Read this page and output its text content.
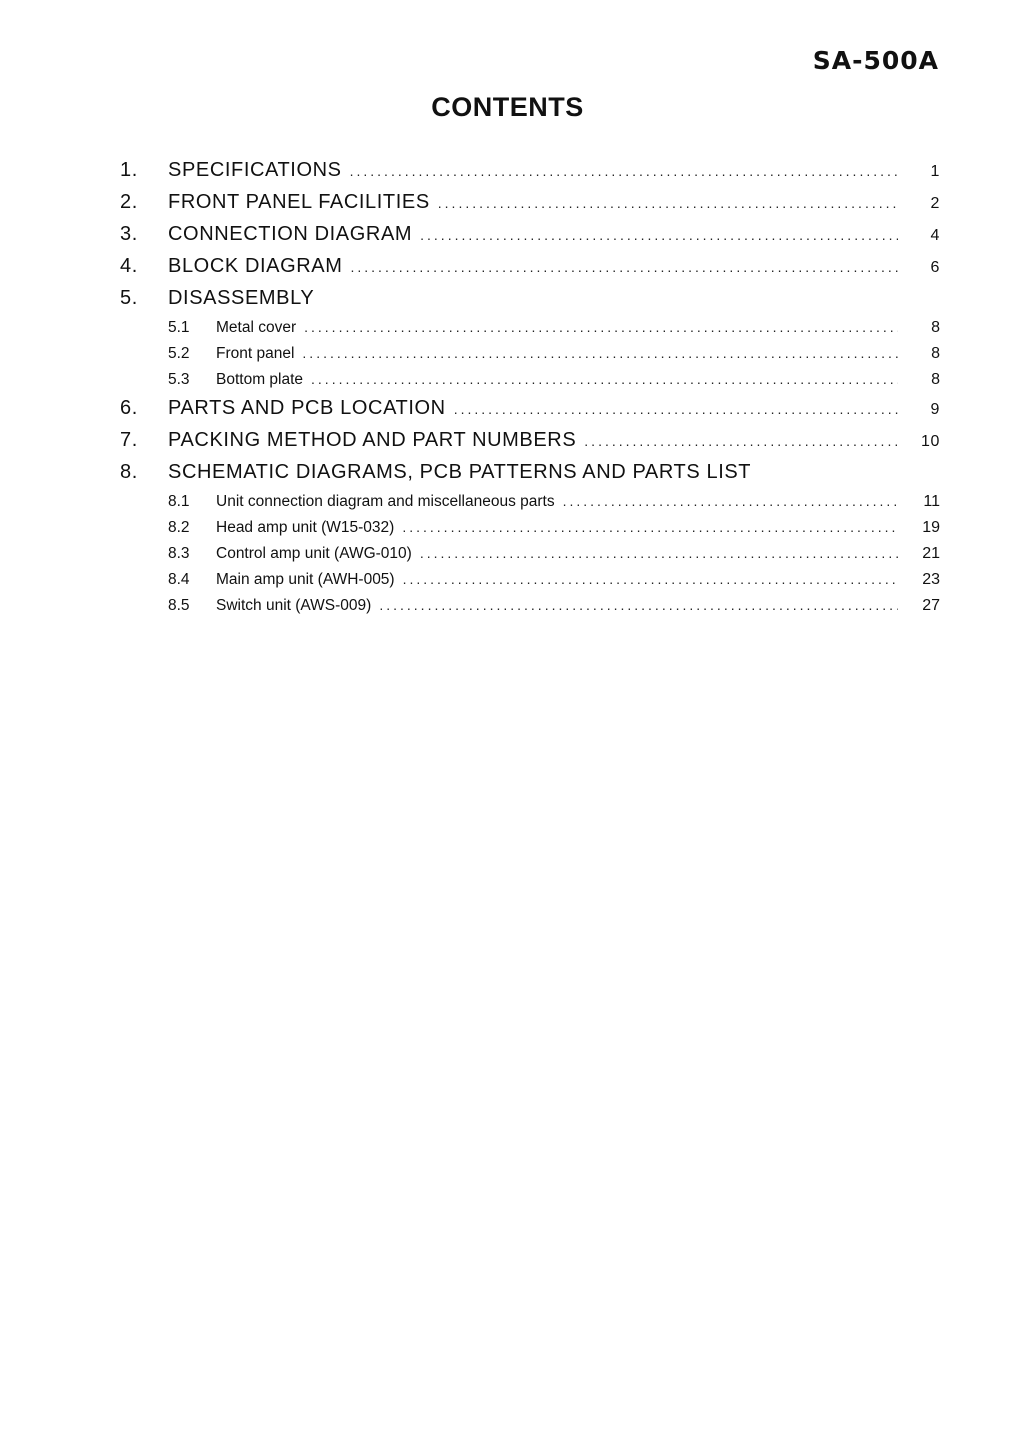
SA-500A
CONTENTS
1.	SPECIFICATIONS .....	1
2.	FRONT PANEL FACILITIES .....	2
3.	CONNECTION DIAGRAM .....	4
4.	BLOCK DIAGRAM .....	6
5.	DISASSEMBLY
5.1	Metal cover .....	8
5.2	Front panel .....	8
5.3	Bottom plate .....	8
6.	PARTS AND PCB LOCATION .....	9
7.	PACKING METHOD AND PART NUMBERS .....	10
8.	SCHEMATIC DIAGRAMS, PCB PATTERNS AND PARTS LIST
8.1	Unit connection diagram and miscellaneous parts .....	11
8.2	Head amp unit (W15-032) .....	19
8.3	Control amp unit (AWG-010) .....	21
8.4	Main amp unit (AWH-005) .....	23
8.5	Switch unit (AWS-009) .....	27
